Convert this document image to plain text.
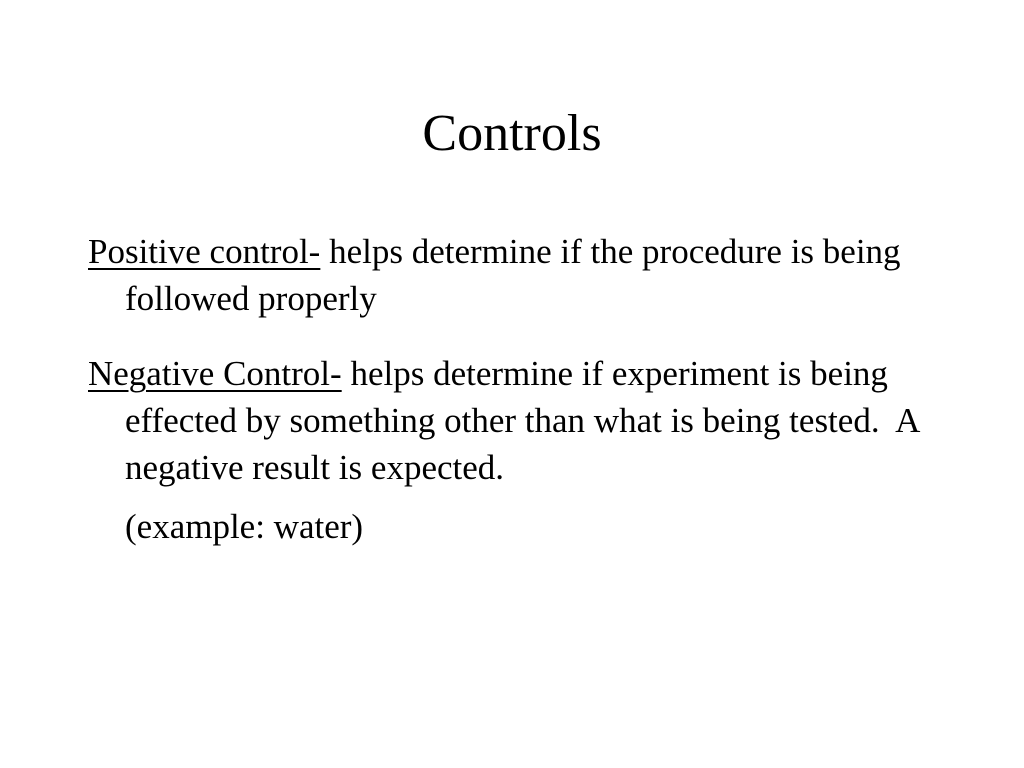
Controls

Positive control- helps determine if the procedure is being followed properly

Negative Control- helps determine if experiment is being effected by something other than what is being tested.  A negative result is expected.

(example: water)
